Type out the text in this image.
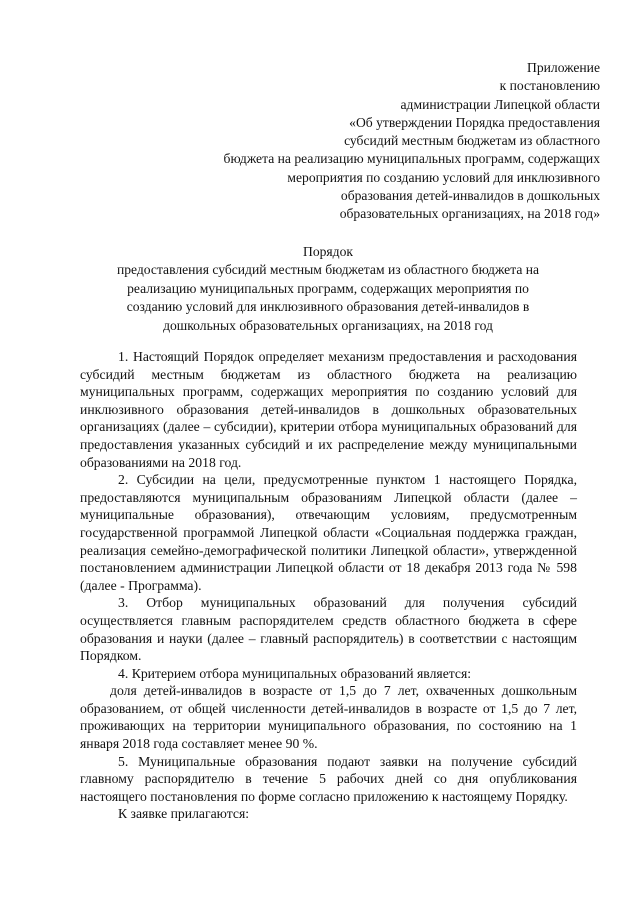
Приложение
к постановлению
администрации Липецкой области
«Об утверждении Порядка предоставления
субсидий местным бюджетам из областного
бюджета на реализацию муниципальных программ, содержащих
мероприятия по созданию условий для инклюзивного
образования детей-инвалидов в дошкольных
образовательных организациях, на 2018 год»
Порядок
предоставления субсидий местным бюджетам из областного бюджета на
реализацию муниципальных программ, содержащих мероприятия по
созданию условий для инклюзивного образования детей-инвалидов в
дошкольных образовательных организациях, на 2018 год

1. Настоящий Порядок определяет механизм предоставления и расходования субсидий местным бюджетам из областного бюджета на реализацию муниципальных программ, содержащих мероприятия по созданию условий для инклюзивного образования детей-инвалидов в дошкольных образовательных организациях (далее – субсидии), критерии отбора муниципальных образований для предоставления указанных субсидий и их распределение между муниципальными образованиями на 2018 год.

2. Субсидии на цели, предусмотренные пунктом 1 настоящего Порядка, предоставляются муниципальным образованиям Липецкой области (далее – муниципальные образования), отвечающим условиям, предусмотренным государственной программой Липецкой области «Социальная поддержка граждан, реализация семейно-демографической политики Липецкой области», утвержденной постановлением администрации Липецкой области от 18 декабря 2013 года № 598 (далее - Программа).

3. Отбор муниципальных образований для получения субсидий осуществляется главным распорядителем средств областного бюджета в сфере образования и науки (далее – главный распорядитель) в соответствии с настоящим Порядком.

4. Критерием отбора муниципальных образований является:

доля детей-инвалидов в возрасте от 1,5 до 7 лет, охваченных дошкольным образованием, от общей численности детей-инвалидов в возрасте от 1,5 до 7 лет, проживающих на территории муниципального образования, по состоянию на 1 января 2018 года составляет менее 90 %.

5. Муниципальные образования подают заявки на получение субсидий главному распорядителю в течение 5 рабочих дней со дня опубликования настоящего постановления по форме согласно приложению к настоящему Порядку.

К заявке прилагаются:
